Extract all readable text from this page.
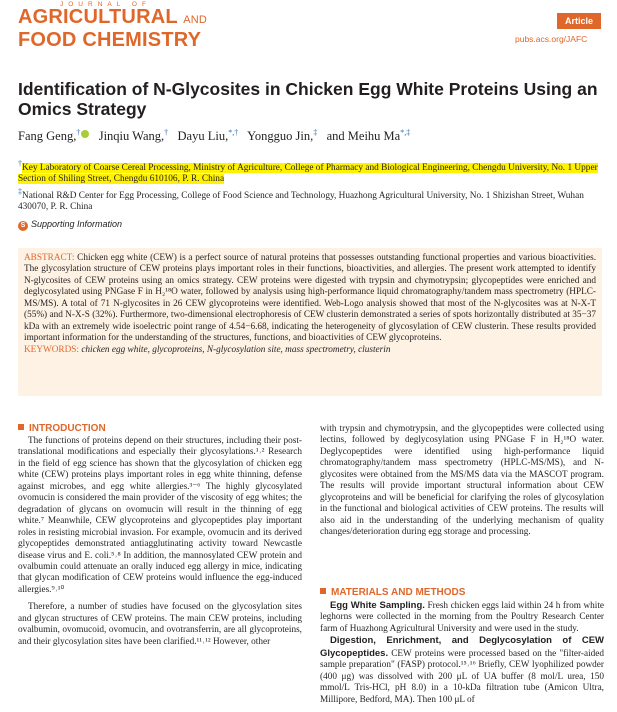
JOURNAL OF
AGRICULTURAL AND
FOOD CHEMISTRY
Article
pubs.acs.org/JAFC
Identification of N-Glycosites in Chicken Egg White Proteins Using an Omics Strategy
Fang Geng,† Jinqiu Wang,† Dayu Liu,*,† Yongguo Jin,‡ and Meihu Ma*,‡
†Key Laboratory of Coarse Cereal Processing, Ministry of Agriculture, College of Pharmacy and Biological Engineering, Chengdu University, No. 1 Upper Section of Shiling Street, Chengdu 610106, P. R. China
‡National R&D Center for Egg Processing, College of Food Science and Technology, Huazhong Agricultural University, No. 1 Shizishan Street, Wuhan 430070, P. R. China
S Supporting Information
ABSTRACT: Chicken egg white (CEW) is a perfect source of natural proteins that possesses outstanding functional properties and various bioactivities. The glycosylation structure of CEW proteins plays important roles in their functions, bioactivities, and allergies. The present work attempted to identify N-glycosites of CEW proteins using an omics strategy. CEW proteins were digested with trypsin and chymotrypsin; glycopeptides were enriched and deglycosylated using PNGase F in H₂¹⁸O water, followed by analysis using high-performance liquid chromatography/tandem mass spectrometry (HPLC-MS/MS). A total of 71 N-glycosites in 26 CEW glycoproteins were identified. Web-Logo analysis showed that most of the N-glycosites was at N-X-T (55%) and N-X-S (32%). Furthermore, two-dimensional electrophoresis of CEW clusterin demonstrated a series of spots horizontally distributed at 35−37 kDa with an extremely wide isoelectric point range of 4.54−6.68, indicating the heterogeneity of glycosylation of CEW clusterin. These results provided important information for the understanding of the structures, functions, and bioactivities of CEW glycoproteins.
KEYWORDS: chicken egg white, glycoproteins, N-glycosylation site, mass spectrometry, clusterin
INTRODUCTION
The functions of proteins depend on their structures, including their post-translational modifications and especially their glycosylations.¹˒² Research in the field of egg science has shown that the glycosylation of chicken egg white (CEW) proteins plays important roles in egg white thinning, defense against microbes, and egg white allergies.³⁻⁶ The highly glycosylated ovomucin is considered the main provider of the viscosity of egg whites; the degradation of glycans on ovomucin will result in the thinning of egg white.⁷ Meanwhile, CEW glycoproteins and glycopeptides play important roles in resisting microbial invasion. For example, ovomucin and its derived glycopeptides demonstrated antiagglutinating activity toward Newcastle disease virus and E. coli.⁵˒⁸ In addition, the mannosylated CEW protein and ovalbumin could attenuate an orally induced egg allergy in mice, indicating that glycan modification of CEW proteins would influence the egg-induced allergies.⁹˒¹⁰
Therefore, a number of studies have focused on the glycosylation sites and glycan structures of CEW proteins. The main CEW proteins, including ovalbumin, ovomucoid, ovomucin, and ovotransferrin, are all glycoproteins, and their glycosylation sites have been clarified.¹¹˒¹² However, other
with trypsin and chymotrypsin, and the glycopeptides were collected using lectins, followed by deglycosylation using PNGase F in H₂¹⁸O water. Deglycopeptides were identified using high-performance liquid chromatography/tandem mass spectrometry (HPLC-MS/MS), and N-glycosites were obtained from the MS/MS data via the MASCOT program. The results will provide important structural information about CEW glycoproteins and will be beneficial for clarifying the roles of glycosylation in the functional and biological activities of CEW proteins. The results will also aid in the understanding of the underlying mechanism of quality changes/deterioration during egg storage and processing.
MATERIALS AND METHODS
Egg White Sampling. Fresh chicken eggs laid within 24 h from white leghorns were collected in the morning from the Poultry Research Center farm of Huazhong Agricultural University and were used in the study.
Digestion, Enrichment, and Deglycosylation of CEW Glycopeptides. CEW proteins were processed based on the "filter-aided sample preparation" (FASP) protocol.¹⁵˒¹⁶ Briefly, CEW lyophilized powder (400 μg) was dissolved with 200 μL of UA buffer (8 mol/L urea, 150 mmol/L Tris-HCl, pH 8.0) in a 10-kDa filtration tube (Amicon Ultra, Millipore, Bedford, MA). Then 100 μL of
